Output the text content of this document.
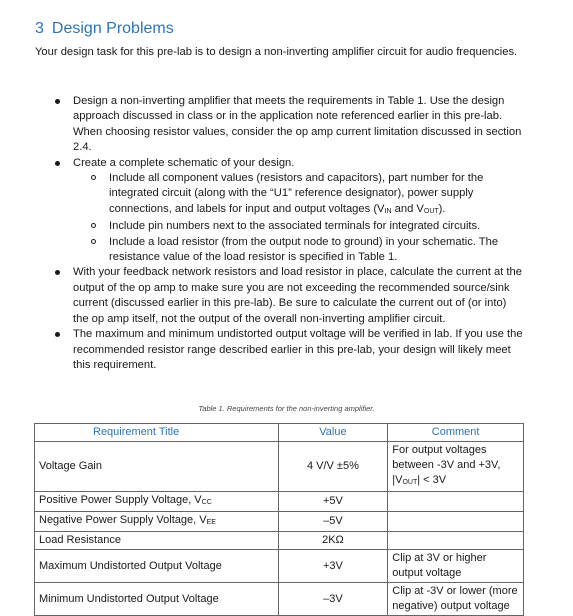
3 Design Problems
Your design task for this pre-lab is to design a non-inverting amplifier circuit for audio frequencies.
Design a non-inverting amplifier that meets the requirements in Table 1. Use the design approach discussed in class or in the application note referenced earlier in this pre-lab. When choosing resistor values, consider the op amp current limitation discussed in section 2.4.
Create a complete schematic of your design.
Include all component values (resistors and capacitors), part number for the integrated circuit (along with the “U1” reference designator), power supply connections, and labels for input and output voltages ($V_{IN}$ and $V_{OUT}$).
Include pin numbers next to the associated terminals for integrated circuits.
Include a load resistor (from the output node to ground) in your schematic. The resistance value of the load resistor is specified in Table 1.
With your feedback network resistors and load resistor in place, calculate the current at the output of the op amp to make sure you are not exceeding the recommended source/sink current (discussed earlier in this pre-lab). Be sure to calculate the current out of (or into) the op amp itself, not the output of the overall non-inverting amplifier circuit.
The maximum and minimum undistorted output voltage will be verified in lab. If you use the recommended resistor range described earlier in this pre-lab, your design will likely meet this requirement.
Table 1. Requirements for the non-inverting amplifier.
Requirement Title	Value	Comment
Voltage Gain	4 V/V ±5%	For output voltages between -3V and +3V, $|V_{OUT}| < 3V$
Positive Power Supply Voltage, $V_{CC}$	+5V	
Negative Power Supply Voltage, $V_{EE}$	–5V	
Load Resistance	2KΩ	
Maximum Undistorted Output Voltage	+3V	Clip at 3V or higher output voltage
Minimum Undistorted Output Voltage	–3V	Clip at -3V or lower (more negative) output voltage
